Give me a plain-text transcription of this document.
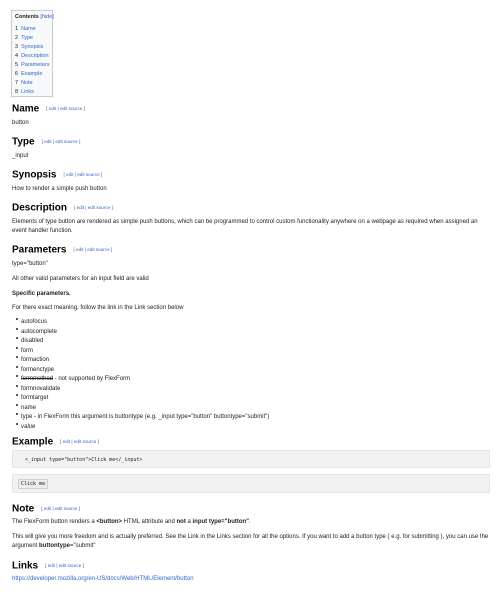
Contents [hide]
1 Name
2 Type
3 Synopsis
4 Description
5 Parameters
6 Example
7 Note
8 Links
Name [ edit | edit source ]

button

Type [ edit | edit source ]

_input

Synopsis [ edit | edit source ]

How to render a simple push button

Description [ edit | edit source ]

Elements of type button are rendered as simple push buttons, which can be programmed to control custom functionality anywhere on a webpage as required when assigned an event handler function.

Parameters [ edit | edit source ]

type="button"

All other valid parameters for an input field are valid

Specific parameters.

For there exact meaning, follow the link in the Link section below

autofocus
autocomplete
disabled
form
formaction
formenctype
formmethod - not supported by FlexForm
formnovalidate
formtarget
name
type - in FlexForm this argument is buttontype (e.g. _input type="button" buttontype="submit")
value
Example [ edit | edit source ]
<_input type="button">Click me</_input>
Click me
Note [ edit | edit source ]

The FlexForm button renders a <button> HTML attribute and not a input type="button".

This will give you more freedom and is actually preferred. See the Link in the Links section for all the options. If you want to add a button type ( e.g. for submitting ), you can use the argument buttontype="submit"

Links [ edit | edit source ]

https://developer.mozilla.org/en-US/docs/Web/HTML/Element/button
